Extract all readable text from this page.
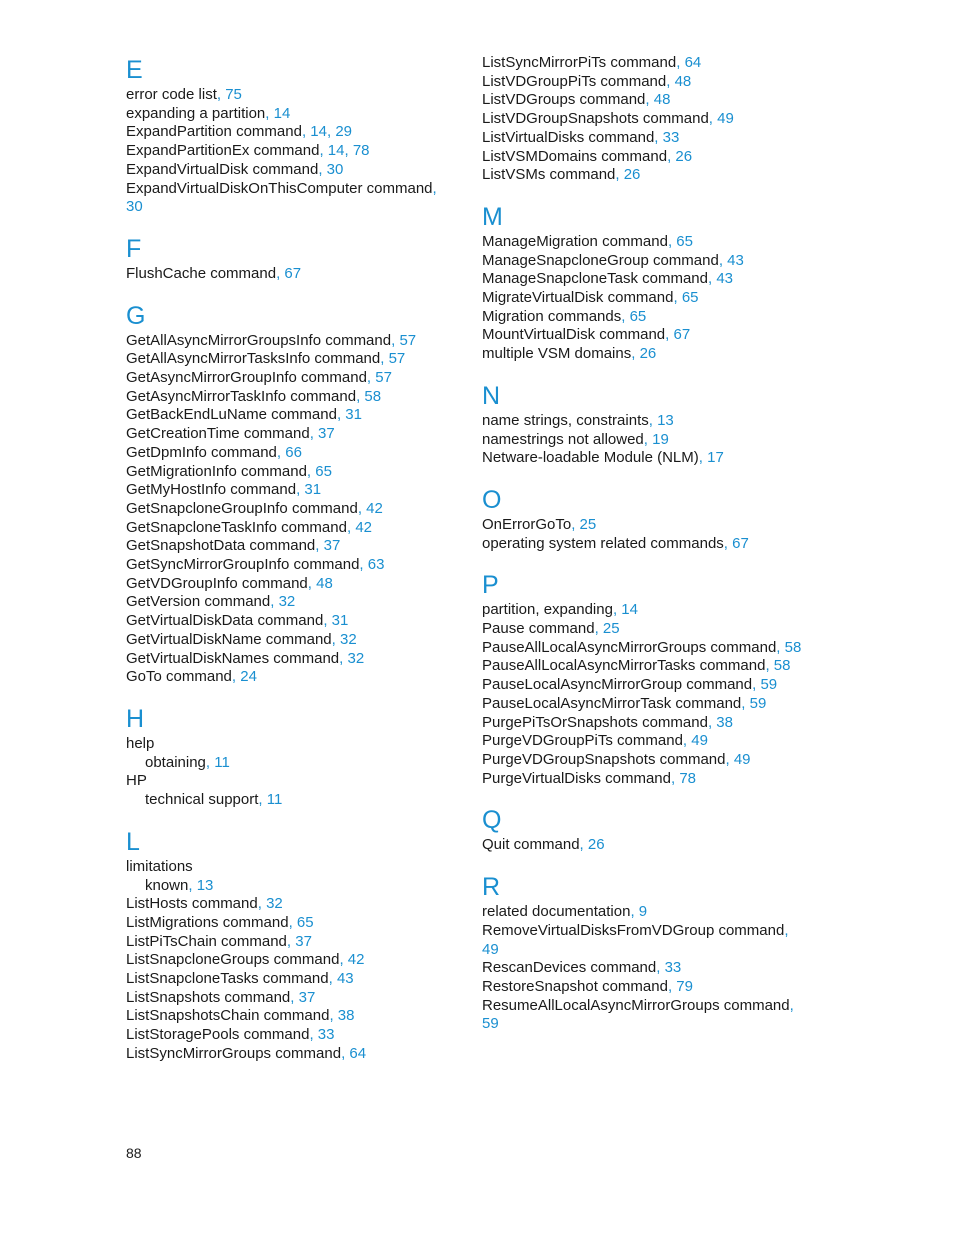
E
error code list, 75
expanding a partition, 14
ExpandPartition command, 14, 29
ExpandPartitionEx command, 14, 78
ExpandVirtualDisk command, 30
ExpandVirtualDiskOnThisComputer command,
30
F
FlushCache command, 67
G
GetAllAsyncMirrorGroupsInfo command, 57
GetAllAsyncMirrorTasksInfo command, 57
GetAsyncMirrorGroupInfo command, 57
GetAsyncMirrorTaskInfo command, 58
GetBackEndLuName command, 31
GetCreationTime command, 37
GetDpmInfo command, 66
GetMigrationInfo command, 65
GetMyHostInfo command, 31
GetSnapcloneGroupInfo command, 42
GetSnapcloneTaskInfo command, 42
GetSnapshotData command, 37
GetSyncMirrorGroupInfo command, 63
GetVDGroupInfo command, 48
GetVersion command, 32
GetVirtualDiskData command, 31
GetVirtualDiskName command, 32
GetVirtualDiskNames command, 32
GoTo command, 24
H
help
obtaining, 11
HP
technical support, 11
L
limitations
known, 13
ListHosts command, 32
ListMigrations command, 65
ListPiTsChain command, 37
ListSnapcloneGroups command, 42
ListSnapcloneTasks command, 43
ListSnapshots command, 37
ListSnapshotsChain command, 38
ListStoragePools command, 33
ListSyncMirrorGroups command, 64
ListSyncMirrorPiTs command, 64
ListVDGroupPiTs command, 48
ListVDGroups command, 48
ListVDGroupSnapshots command, 49
ListVirtualDisks command, 33
ListVSMDomains command, 26
ListVSMs command, 26
M
ManageMigration command, 65
ManageSnapcloneGroup command, 43
ManageSnapcloneTask command, 43
MigrateVirtualDisk command, 65
Migration commands, 65
MountVirtualDisk command, 67
multiple VSM domains, 26
N
name strings, constraints, 13
namestrings not allowed, 19
Netware-loadable Module (NLM), 17
O
OnErrorGoTo, 25
operating system related commands, 67
P
partition, expanding, 14
Pause command, 25
PauseAllLocalAsyncMirrorGroups command, 58
PauseAllLocalAsyncMirrorTasks command, 58
PauseLocalAsyncMirrorGroup command, 59
PauseLocalAsyncMirrorTask command, 59
PurgePiTsOrSnapshots command, 38
PurgeVDGroupPiTs command, 49
PurgeVDGroupSnapshots command, 49
PurgeVirtualDisks command, 78
Q
Quit command, 26
R
related documentation, 9
RemoveVirtualDisksFromVDGroup command,
49
RescanDevices command, 33
RestoreSnapshot command, 79
ResumeAllLocalAsyncMirrorGroups command,
59
88
